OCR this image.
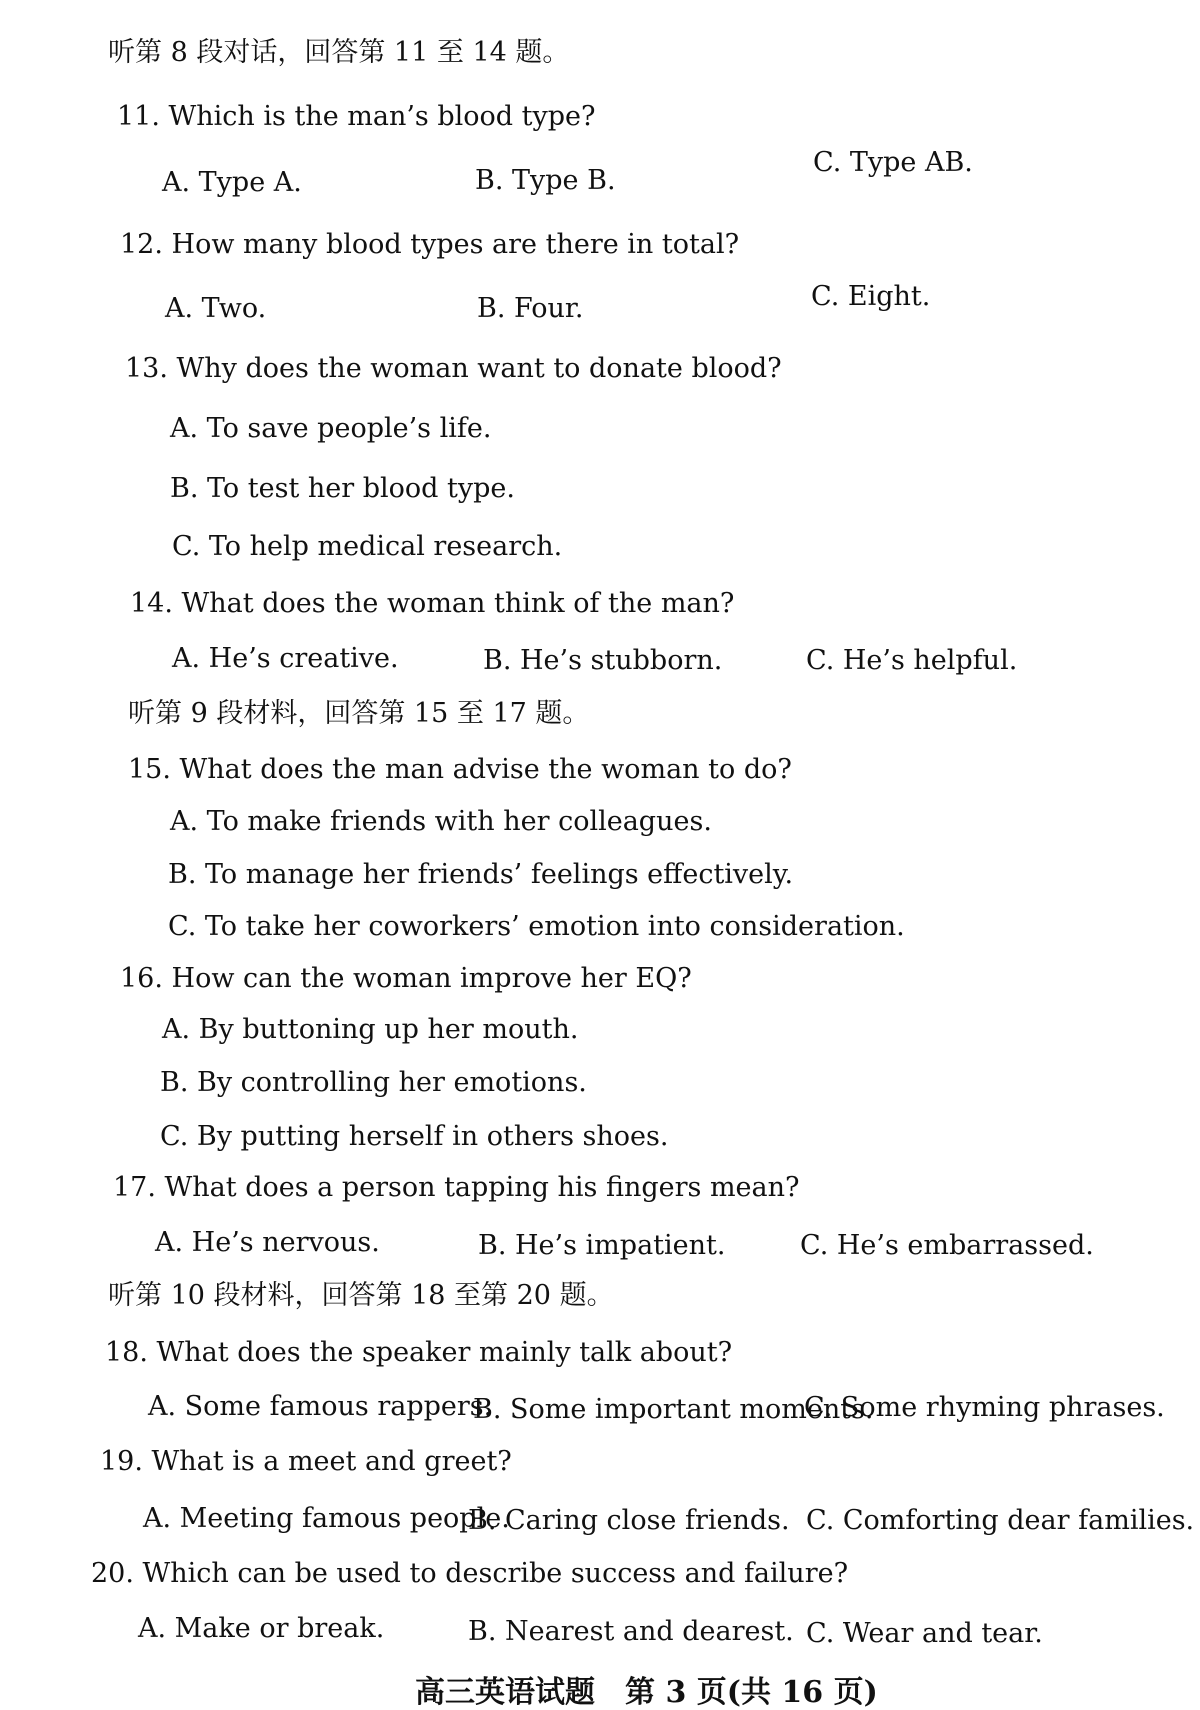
听第 8 段对话，回答第 11 至 14 题。
11. Which is the man’s blood type?
A. Type A.	B. Type B.
C. Type AB.
12. How many blood types are there in total?
A. Two.	B. Four.	C. Eight.
13. Why does the woman want to donate blood?
A. To save people’s life.
B. To test her blood type.
C. To help medical research.
14. What does the woman think of the man?
A. He’s creative.	B. He’s stubborn.	C. He’s helpful.
听第 9 段材料，回答第 15 至 17 题。
15. What does the man advise the woman to do?
A. To make friends with her colleagues.
B. To manage her friends’ feelings effectively.
C. To take her coworkers’ emotion into consideration.
16. How can the woman improve her EQ?
A. By buttoning up her mouth.
B. By controlling her emotions.
C. By putting herself in others shoes.
17. What does a person tapping his fingers mean?
A. He’s nervous.	B. He’s impatient.	C. He’s embarrassed.
听第 10 段材料，回答第 18 至第 20 题。
18. What does the speaker mainly talk about?
A. Some famous rappers.
B. Some important moments.
C. Some rhyming phrases.
19. What is a meet and greet?
A. Meeting famous people.
B. Caring close friends. C. Comforting dear families.
20. Which can be used to describe success and failure?
A. Make or break.	B. Nearest and dearest. C. Wear and tear.
高三英语试题　第 3 页(共 16 页)
